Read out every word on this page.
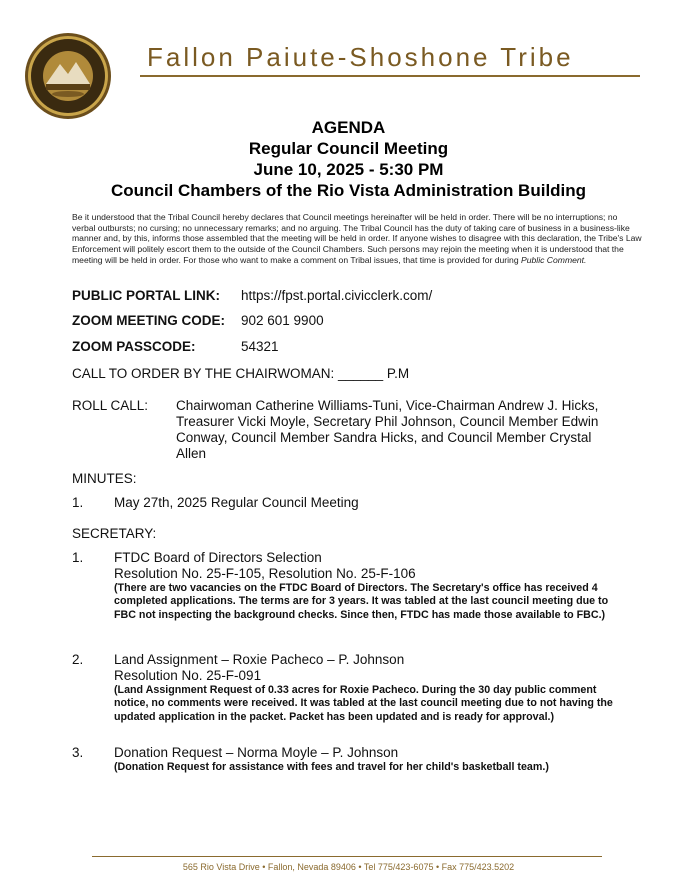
Fallon Paiute-Shoshone Tribe
AGENDA
Regular Council Meeting
June 10, 2025 - 5:30 PM
Council Chambers of the Rio Vista Administration Building
Be it understood that the Tribal Council hereby declares that Council meetings hereinafter will be held in order. There will be no interruptions; no verbal outbursts; no cursing; no unnecessary remarks; and no arguing. The Tribal Council has the duty of taking care of business in a business-like manner and, by this, informs those assembled that the meeting will be held in order. If anyone wishes to disagree with this declaration, the Tribe's Law Enforcement will politely escort them to the outside of the Council Chambers. Such persons may rejoin the meeting when it is understood that the meeting will be held in order. For those who want to make a comment on Tribal issues, that time is provided for during Public Comment.
PUBLIC PORTAL LINK: https://fpst.portal.civicclerk.com/
ZOOM MEETING CODE: 902 601 9900
ZOOM PASSCODE:	54321
CALL TO ORDER BY THE CHAIRWOMAN: ______ P.M
ROLL CALL: Chairwoman Catherine Williams-Tuni, Vice-Chairman Andrew J. Hicks,
Treasurer Vicki Moyle, Secretary Phil Johnson, Council Member Edwin
Conway, Council Member Sandra Hicks, and Council Member Crystal
Allen
MINUTES:
1. May 27th, 2025 Regular Council Meeting
SECRETARY:
1. FTDC Board of Directors Selection
Resolution No. 25-F-105, Resolution No. 25-F-106
(There are two vacancies on the FTDC Board of Directors. The Secretary's office has received 4 completed applications. The terms are for 3 years. It was tabled at the last council meeting due to FBC not inspecting the background checks. Since then, FTDC has made those available to FBC.)
2. Land Assignment – Roxie Pacheco – P. Johnson
Resolution No. 25-F-091
(Land Assignment Request of 0.33 acres for Roxie Pacheco. During the 30 day public comment notice, no comments were received. It was tabled at the last council meeting due to not having the updated application in the packet. Packet has been updated and is ready for approval.)
3. Donation Request – Norma Moyle – P. Johnson
(Donation Request for assistance with fees and travel for her child's basketball team.)
565 Rio Vista Drive • Fallon, Nevada 89406 • Tel 775/423-6075 • Fax 775/423.5202
